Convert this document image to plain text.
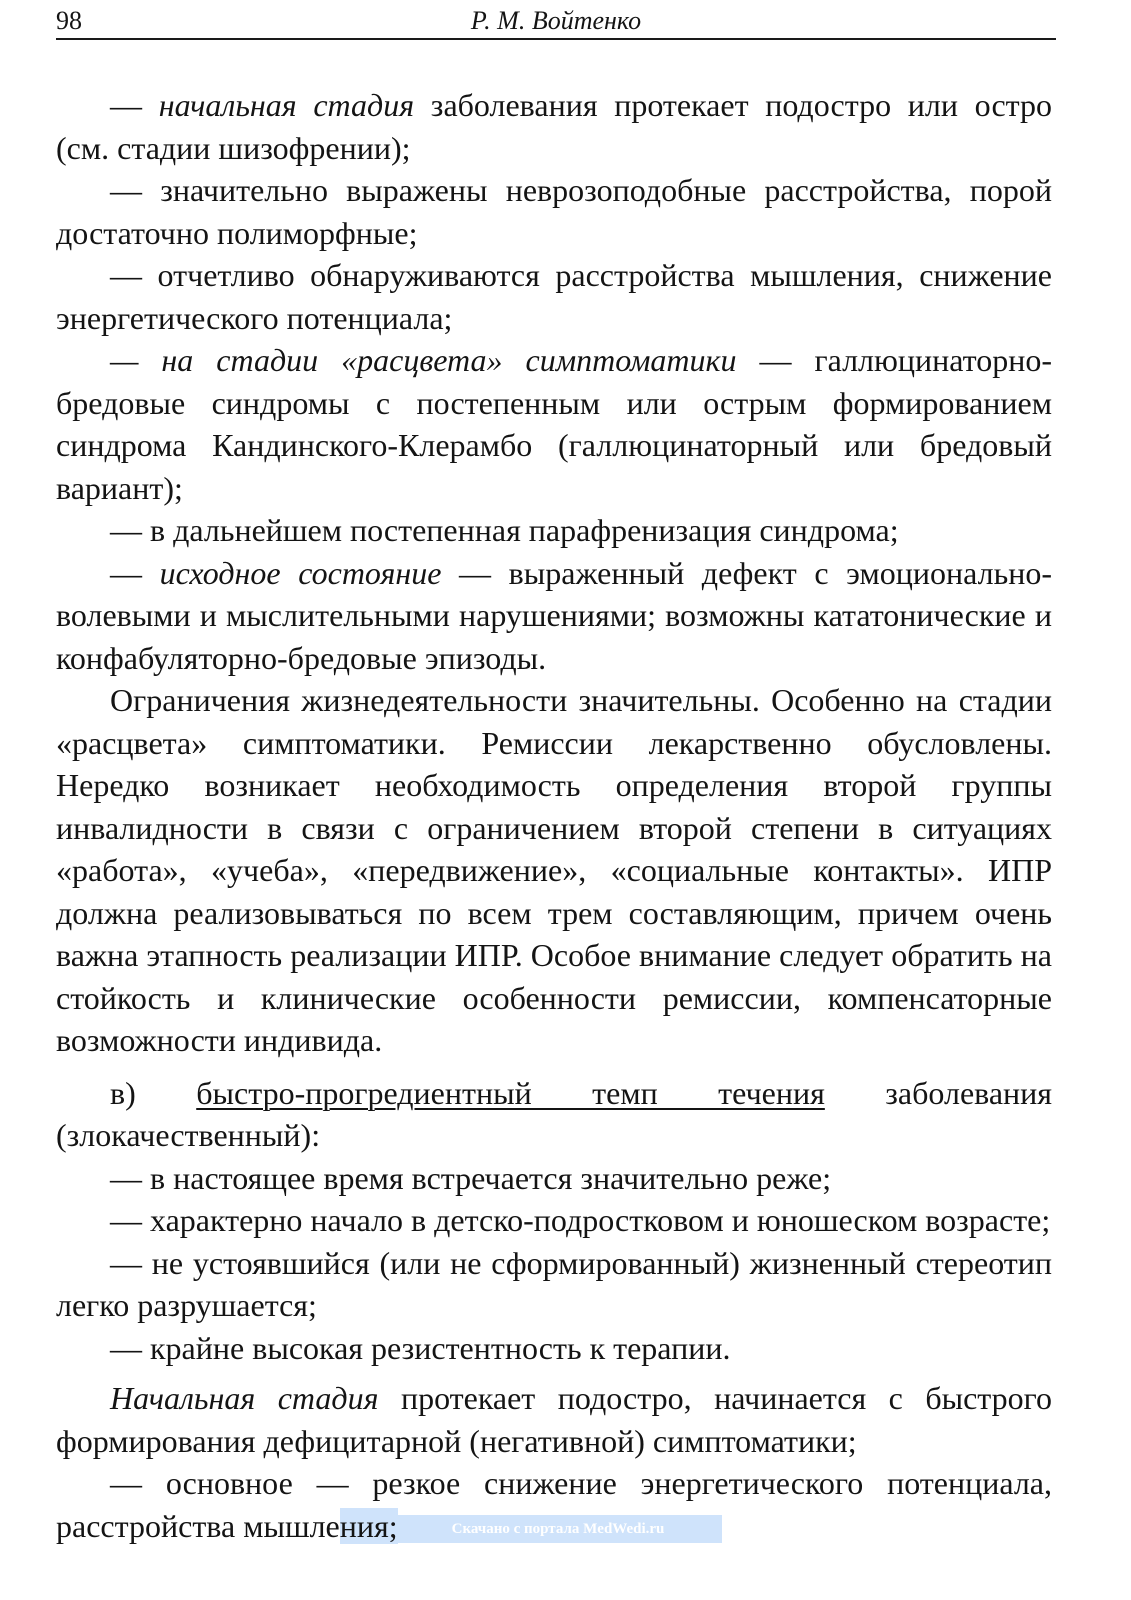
98	Р. М. Войтенко

— начальная стадия заболевания протекает подостро или остро (см. стадии шизофрении);

— значительно выражены неврозоподобные расстройства, порой достаточно полиморфные;

— отчетливо обнаруживаются расстройства мышления, снижение энергетического потенциала;

— на стадии «расцвета» симптоматики — галлюцинаторно-бредовые синдромы с постепенным или острым формированием синдрома Кандинского-Клерамбо (галлюцинаторный или бредовый вариант);

— в дальнейшем постепенная парафренизация синдрома;

— исходное состояние — выраженный дефект с эмоционально-волевыми и мыслительными нарушениями; возможны кататонические и конфабуляторно-бредовые эпизоды.

Ограничения жизнедеятельности значительны. Особенно на стадии «расцвета» симптоматики. Ремиссии лекарственно обусловлены. Нередко возникает необходимость определения второй группы инвалидности в связи с ограничением второй степени в ситуациях «работа», «учеба», «передвижение», «социальные контакты». ИПР должна реализовываться по всем трем составляющим, причем очень важна этапность реализации ИПР. Особое внимание следует обратить на стойкость и клинические особенности ремиссии, компенсаторные возможности индивида.

в) быстро-прогредиентный темп течения заболевания (злокачественный):

— в настоящее время встречается значительно реже;

— характерно начало в детско-подростковом и юношеском возрасте;

— не устоявшийся (или не сформированный) жизненный стереотип легко разрушается;

— крайне высокая резистентность к терапии.

Начальная стадия протекает подостро, начинается с быстрого формирования дефицитарной (негативной) симптоматики;

— основное — резкое снижение энергетического потенциала, расстройства мышления;	Скачано с портала MedWedi.ru
